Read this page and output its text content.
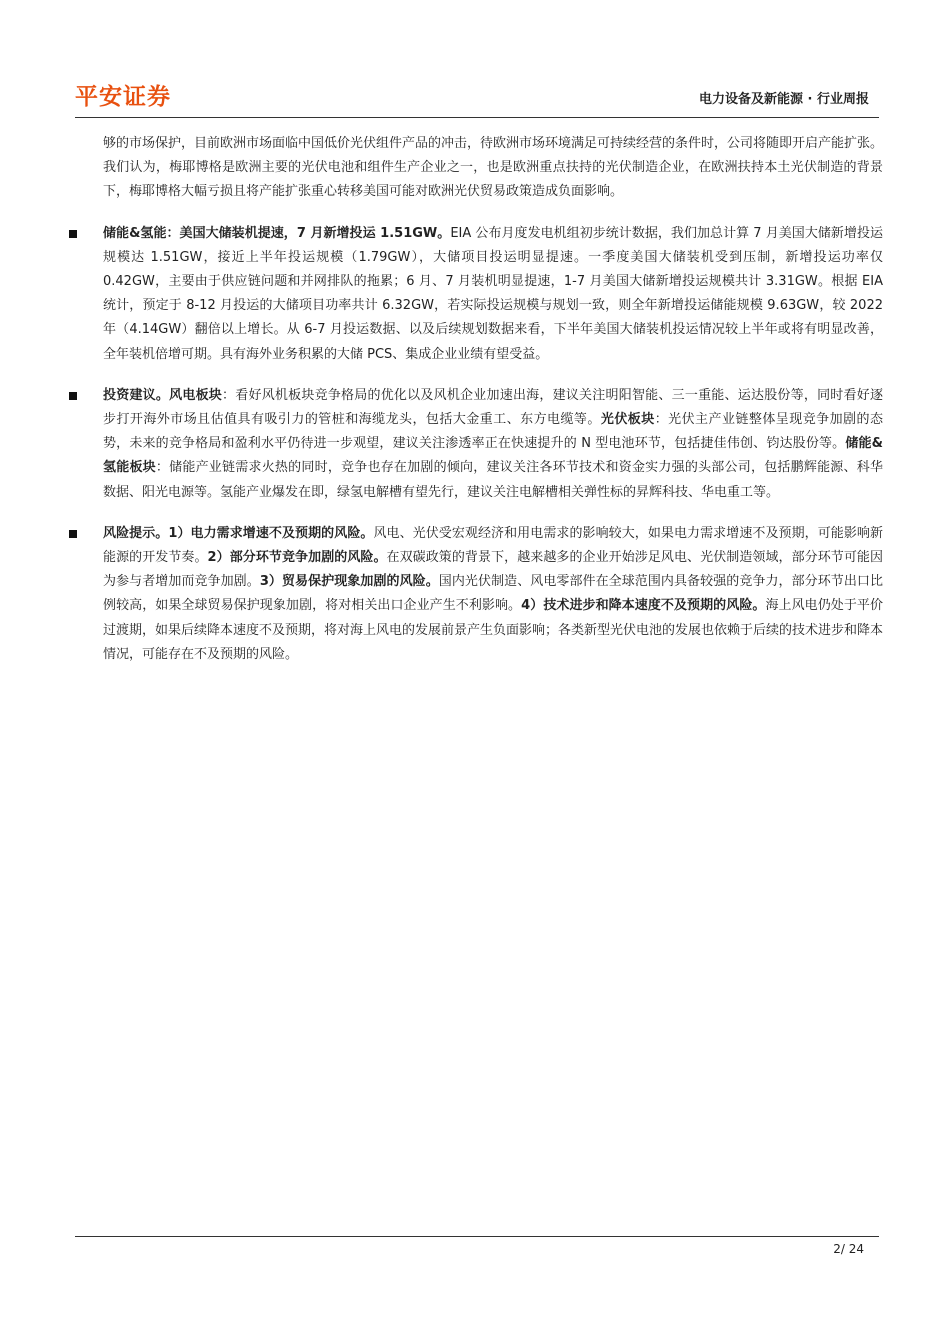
平安证券	电力设备及新能源 · 行业周报

够的市场保护，目前欧洲市场面临中国低价光伏组件产品的冲击，待欧洲市场环境满足可持续经营的条件时，公司将随即开启产能扩张。我们认为，梅耶博格是欧洲主要的光伏电池和组件生产企业之一，也是欧洲重点扶持的光伏制造企业，在欧洲扶持本土光伏制造的背景下，梅耶博格大幅亏损且将产能扩张重心转移美国可能对欧洲光伏贸易政策造成负面影响。

储能&氢能：美国大储装机提速，7 月新增投运 1.51GW。EIA 公布月度发电机组初步统计数据，我们加总计算 7 月美国大储新增投运规模达 1.51GW，接近上半年投运规模（1.79GW），大储项目投运明显提速。一季度美国大储装机受到压制，新增投运功率仅 0.42GW，主要由于供应链问题和并网排队的拖累；6 月、7 月装机明显提速，1-7 月美国大储新增投运规模共计 3.31GW。根据 EIA 统计，预定于 8-12 月投运的大储项目功率共计 6.32GW，若实际投运规模与规划一致，则全年新增投运储能规模 9.63GW，较 2022 年（4.14GW）翻倍以上增长。从 6-7 月投运数据、以及后续规划数据来看，下半年美国大储装机投运情况较上半年或将有明显改善，全年装机倍增可期。具有海外业务积累的大储 PCS、集成企业业绩有望受益。

投资建议。风电板块：看好风机板块竞争格局的优化以及风机企业加速出海，建议关注明阳智能、三一重能、运达股份等，同时看好逐步打开海外市场且估值具有吸引力的管桩和海缆龙头，包括大金重工、东方电缆等。光伏板块：光伏主产业链整体呈现竞争加剧的态势，未来的竞争格局和盈利水平仍待进一步观望，建议关注渗透率正在快速提升的 N 型电池环节，包括捷佳伟创、钧达股份等。储能&氢能板块：储能产业链需求火热的同时，竞争也存在加剧的倾向，建议关注各环节技术和资金实力强的头部公司，包括鹏辉能源、科华数据、阳光电源等。氢能产业爆发在即，绿氢电解槽有望先行，建议关注电解槽相关弹性标的昇辉科技、华电重工等。

风险提示。1）电力需求增速不及预期的风险。风电、光伏受宏观经济和用电需求的影响较大，如果电力需求增速不及预期，可能影响新能源的开发节奏。2）部分环节竞争加剧的风险。在双碳政策的背景下，越来越多的企业开始涉足风电、光伏制造领域，部分环节可能因为参与者增加而竞争加剧。3）贸易保护现象加剧的风险。国内光伏制造、风电零部件在全球范围内具备较强的竞争力，部分环节出口比例较高，如果全球贸易保护现象加剧，将对相关出口企业产生不利影响。4）技术进步和降本速度不及预期的风险。海上风电仍处于平价过渡期，如果后续降本速度不及预期，将对海上风电的发展前景产生负面影响；各类新型光伏电池的发展也依赖于后续的技术进步和降本情况，可能存在不及预期的风险。

2/ 24
